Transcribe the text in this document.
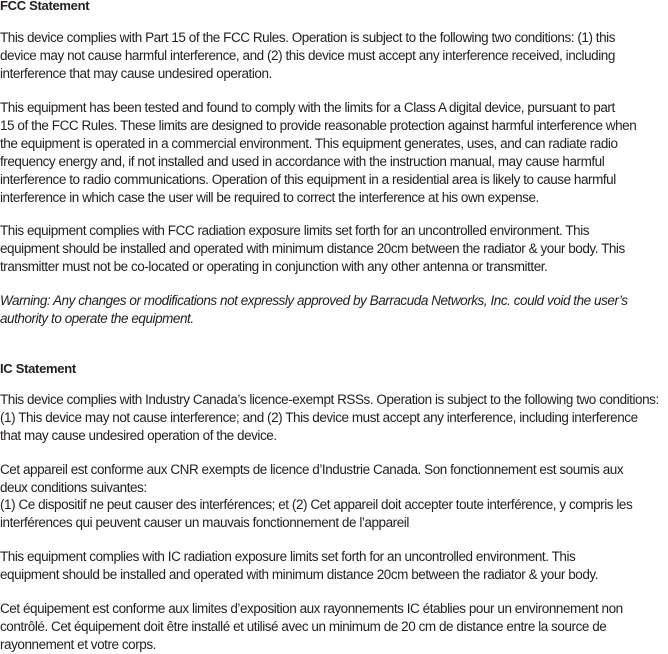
FCC Statement
This device complies with Part 15 of the FCC Rules. Operation is subject to the following two conditions: (1) this
device may not cause harmful interference, and (2) this device must accept any interference received, including
interference that may cause undesired operation.
This equipment has been tested and found to comply with the limits for a Class A digital device, pursuant to part
15 of the FCC Rules. These limits are designed to provide reasonable protection against harmful interference when
the equipment is operated in a commercial environment. This equipment generates, uses, and can radiate radio
frequency energy and, if not installed and used in accordance with the instruction manual, may cause harmful
interference to radio communications. Operation of this equipment in a residential area is likely to cause harmful
interference in which case the user will be required to correct the interference at his own expense.
This equipment complies with FCC radiation exposure limits set forth for an uncontrolled environment. This
equipment should be installed and operated with minimum distance 20cm between the radiator & your body. This
transmitter must not be co-located or operating in conjunction with any other antenna or transmitter.
Warning: Any changes or modifications not expressly approved by Barracuda Networks, Inc. could void the user’s
authority to operate the equipment.
IC Statement
This device complies with Industry Canada’s licence-exempt RSSs. Operation is subject to the following two conditions:
(1) This device may not cause interference; and (2) This device must accept any interference, including interference
that may cause undesired operation of the device.
Cet appareil est conforme aux CNR exempts de licence d’Industrie Canada. Son fonctionnement est soumis aux
deux conditions suivantes:
(1) Ce dispositif ne peut causer des interférences; et (2) Cet appareil doit accepter toute interférence, y compris les
interférences qui peuvent causer un mauvais fonctionnement de l’appareil
This equipment complies with IC radiation exposure limits set forth for an uncontrolled environment. This
equipment should be installed and operated with minimum distance 20cm between the radiator & your body.
Cet équipement est conforme aux limites d’exposition aux rayonnements IC établies pour un environnement non
contrôlé. Cet équipement doit être installé et utilisé avec un minimum de 20 cm de distance entre la source de
rayonnement et votre corps.
